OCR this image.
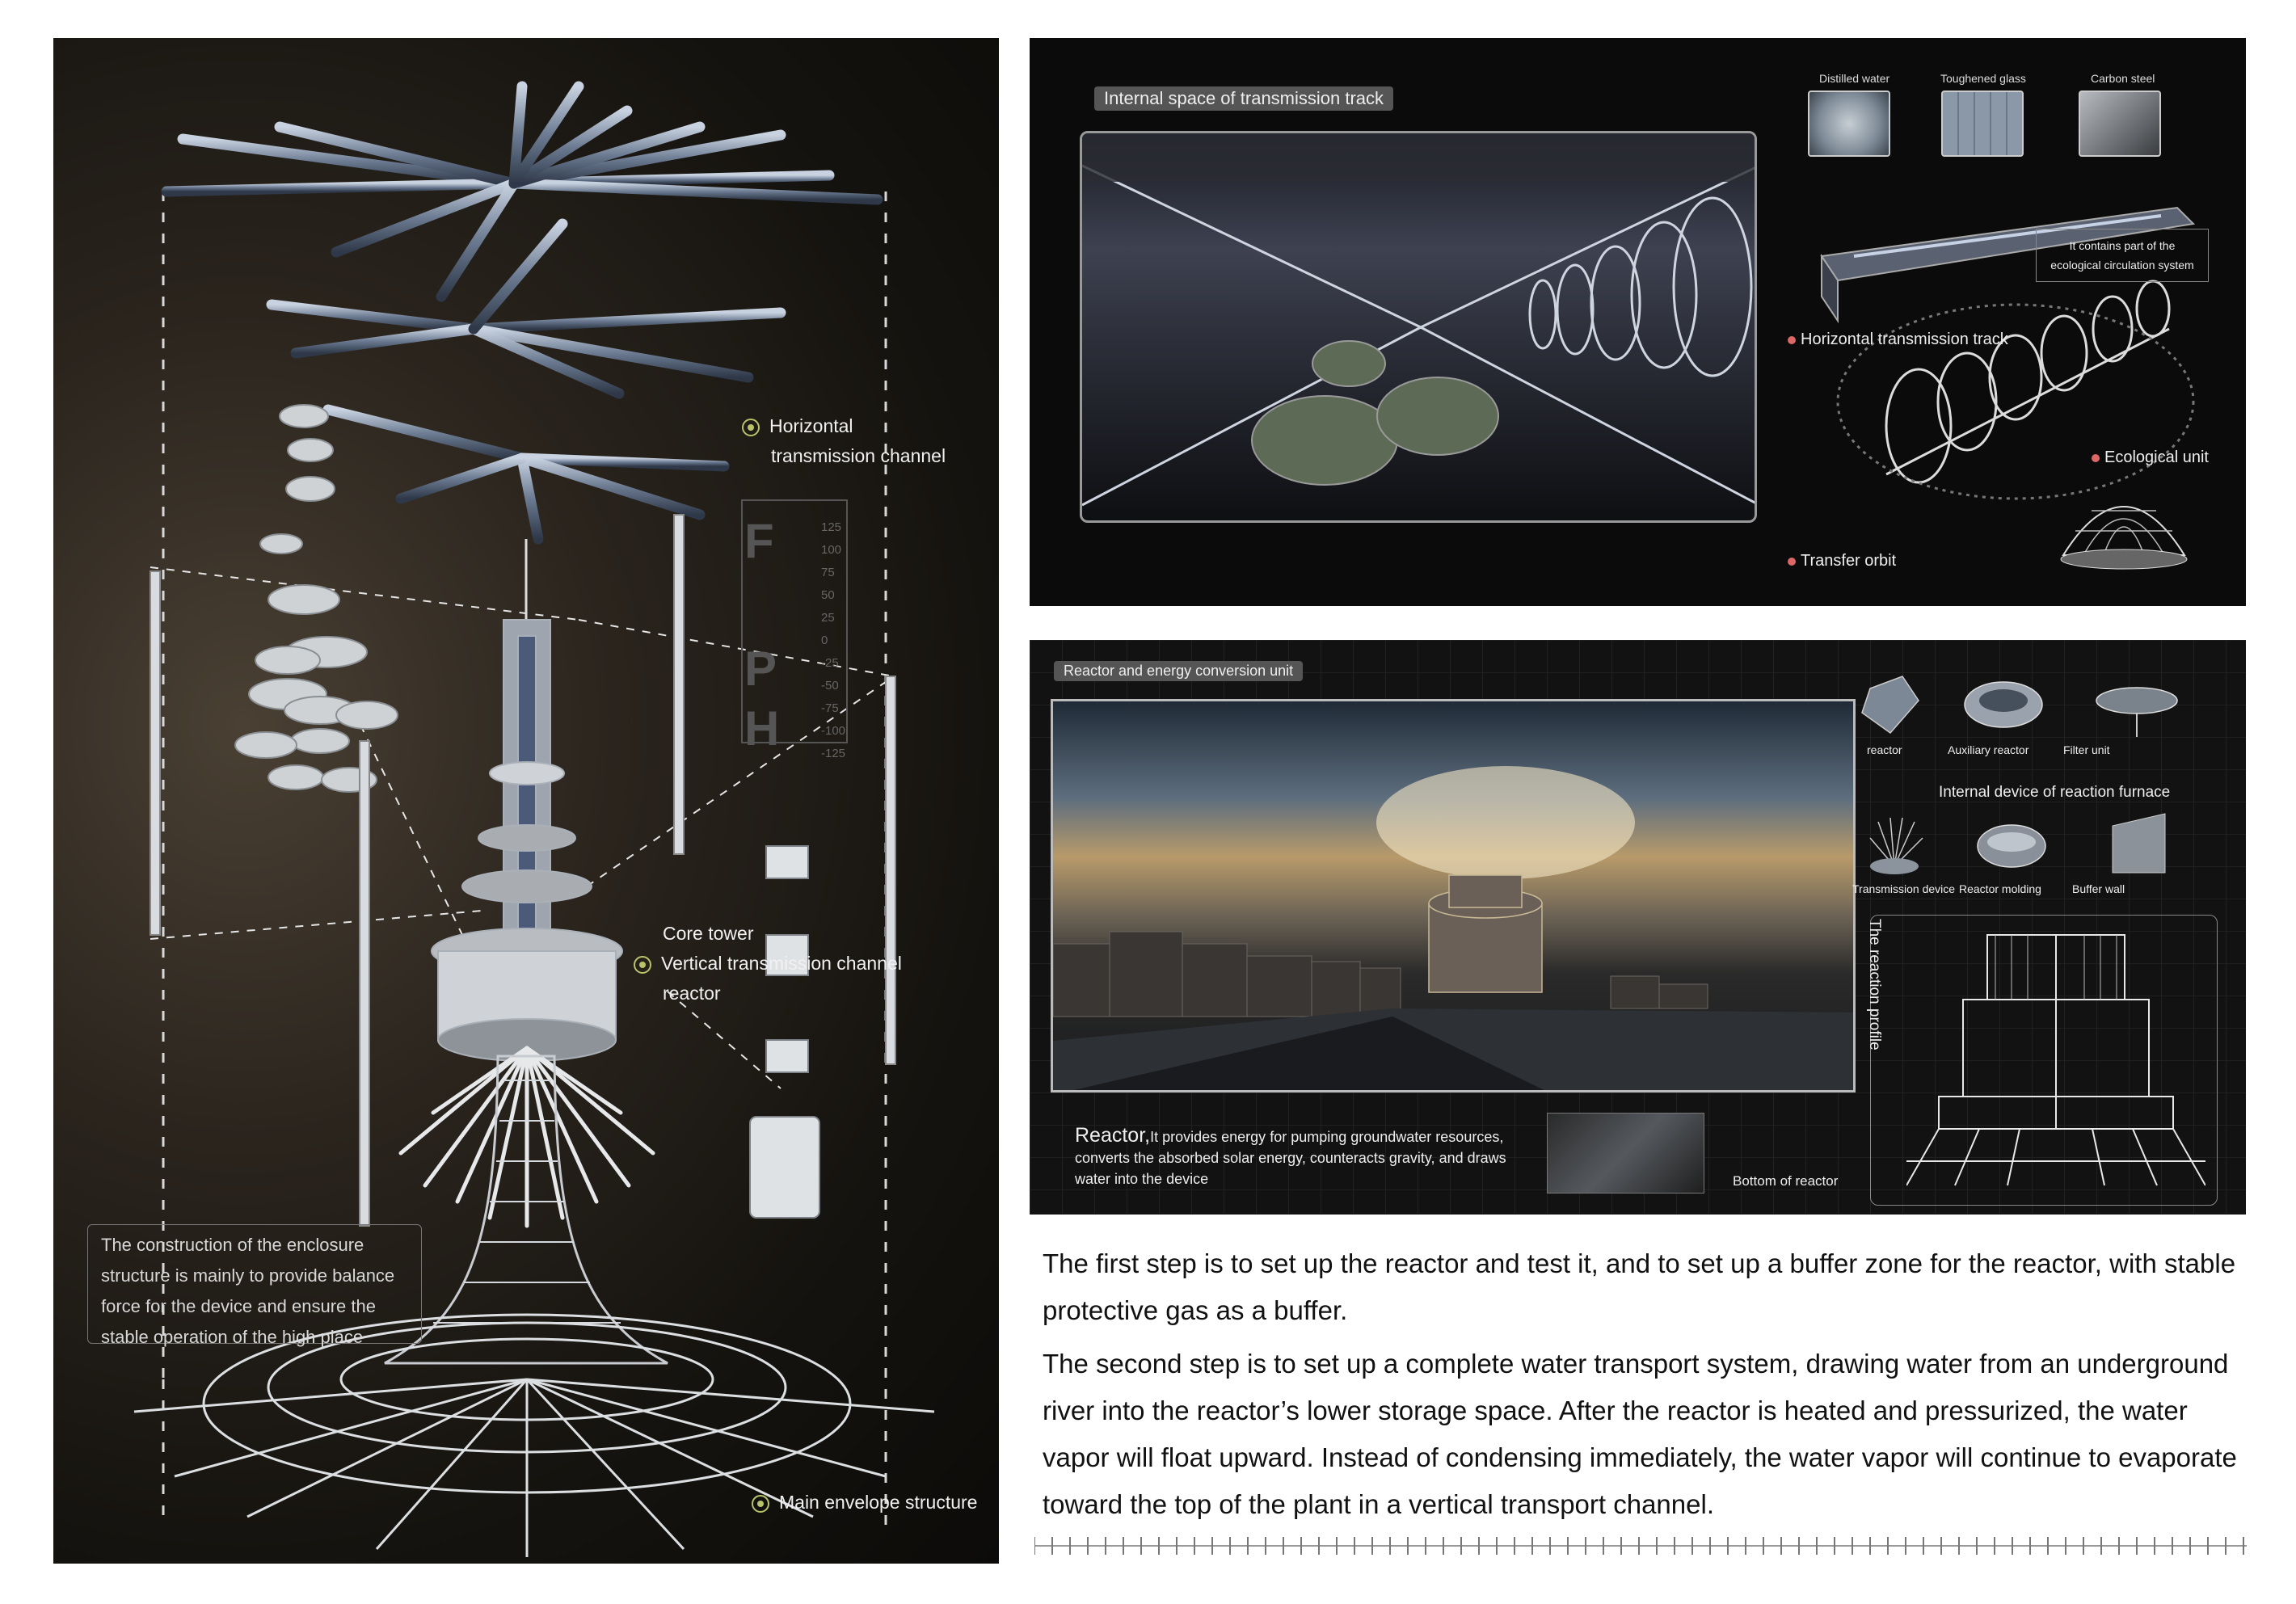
Horizontal
transmission channel
Core tower
Vertical transmission channel
reactor
Main envelope structure
F
P
H
125
100
75
50
25
0
-25
-50
-75
-100
-125
The construction of the enclosure structure is mainly to provide balance force for the device and ensure the stable operation of the high place
Internal space of transmission track
Distilled water	Toughened glass	Carbon steel
It contains part of the ecological circulation system
Horizontal transmission track
Ecological unit
Transfer orbit
Reactor and energy conversion unit
reactor	Auxiliary reactor	Filter unit
Internal device of reaction furnace
Transmission device Reactor molding	Buffer wall
The reaction profile
Reactor,It provides energy for pumping groundwater resources, converts the absorbed solar energy, counteracts gravity, and draws water into the device	Bottom of reactor

The first step is to set up the reactor and test it, and to set up a buffer zone for the reactor, with stable protective gas as a buffer.

The second step is to set up a complete water transport system, drawing water from an underground river into the reactor’s lower storage space. After the reactor is heated and pressurized, the water vapor will float upward. Instead of condensing immediately, the water vapor will continue to evaporate toward the top of the plant in a vertical transport channel.
